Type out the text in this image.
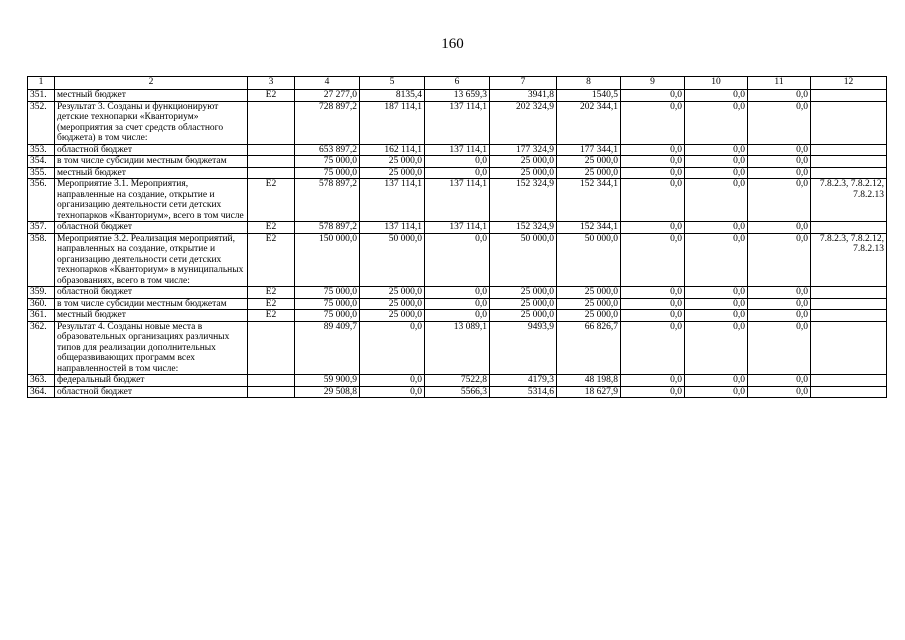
160
1	2	3	4	5	6	7	8	9	10	11	12
351.	местный бюджет	E2	27 277,0	8135,4	13 659,3	3941,8	1540,5	0,0	0,0	0,0	
352.	Результат 3. Созданы и функционируют детские технопарки «Кванториум» (мероприятия за счет средств областного бюджета) в том числе:		728 897,2	187 114,1	137 114,1	202 324,9	202 344,1	0,0	0,0	0,0	
353.	областной бюджет		653 897,2	162 114,1	137 114,1	177 324,9	177 344,1	0,0	0,0	0,0	
354.	в том числе субсидии местным бюджетам		75 000,0	25 000,0	0,0	25 000,0	25 000,0	0,0	0,0	0,0	
355.	местный бюджет		75 000,0	25 000,0	0,0	25 000,0	25 000,0	0,0	0,0	0,0	
356.	Мероприятие 3.1. Мероприятия, направленные на создание, открытие и организацию деятельности сети детских технопарков «Кванториум», всего в том числе	E2	578 897,2	137 114,1	137 114,1	152 324,9	152 344,1	0,0	0,0	0,0	7.8.2.3, 7.8.2.12, 7.8.2.13
357.	областной бюджет	E2	578 897,2	137 114,1	137 114,1	152 324,9	152 344,1	0,0	0,0	0,0	
358.	Мероприятие 3.2. Реализация мероприятий, направленных на создание, открытие и организацию деятельности сети детских технопарков «Кванториум» в муниципальных образованиях, всего в том числе:	E2	150 000,0	50 000,0	0,0	50 000,0	50 000,0	0,0	0,0	0,0	7.8.2.3, 7.8.2.12, 7.8.2.13
359.	областной бюджет	E2	75 000,0	25 000,0	0,0	25 000,0	25 000,0	0,0	0,0	0,0	
360.	в том числе субсидии местным бюджетам	E2	75 000,0	25 000,0	0,0	25 000,0	25 000,0	0,0	0,0	0,0	
361.	местный бюджет	E2	75 000,0	25 000,0	0,0	25 000,0	25 000,0	0,0	0,0	0,0	
362.	Результат 4. Созданы новые места в образовательных организациях различных типов для реализации дополнительных общеразвивающих программ всех направленностей в том числе:		89 409,7	0,0	13 089,1	9493,9	66 826,7	0,0	0,0	0,0	
363.	федеральный бюджет		59 900,9	0,0	7522,8	4179,3	48 198,8	0,0	0,0	0,0	
364.	областной бюджет		29 508,8	0,0	5566,3	5314,6	18 627,9	0,0	0,0	0,0	
